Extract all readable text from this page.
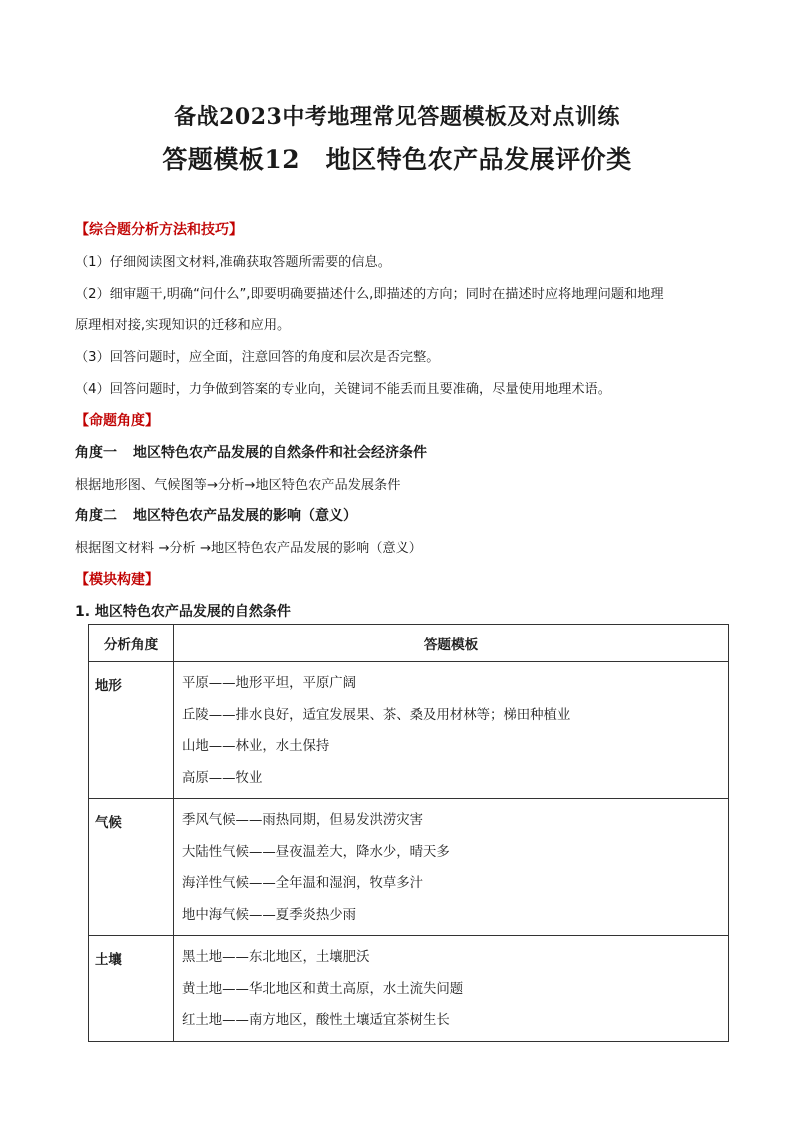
备战2023中考地理常见答题模板及对点训练
答题模板12　地区特色农产品发展评价类
【综合题分析方法和技巧】
（1）仔细阅读图文材料,准确获取答题所需要的信息。
（2）细审题干,明确“问什么”,即要明确要描述什么,即描述的方向；同时在描述时应将地理问题和地理
原理相对接,实现知识的迁移和应用。
（3）回答问题时，应全面，注意回答的角度和层次是否完整。
（4）回答问题时，力争做到答案的专业向，关键词不能丢而且要准确，尽量使用地理术语。
【命题角度】
角度一 地区特色农产品发展的自然条件和社会经济条件
根据地形图、气候图等→分析→地区特色农产品发展条件
角度二 地区特色农产品发展的影响（意义）
根据图文材料 →分析 →地区特色农产品发展的影响（意义）
【模块构建】
1. 地区特色农产品发展的自然条件
分析角度	答题模板
地形	平原——地形平坦，平原广阔
丘陵——排水良好，适宜发展果、茶、桑及用材林等；梯田种植业
山地——林业，水土保持
高原——牧业

气候	季风气候——雨热同期，但易发洪涝灾害
大陆性气候——昼夜温差大，降水少，晴天多
海洋性气候——全年温和湿润，牧草多汁
地中海气候——夏季炎热少雨

土壤	黑土地——东北地区，土壤肥沃
黄土地——华北地区和黄土高原，水土流失问题
红土地——南方地区，酸性土壤适宜茶树生长
